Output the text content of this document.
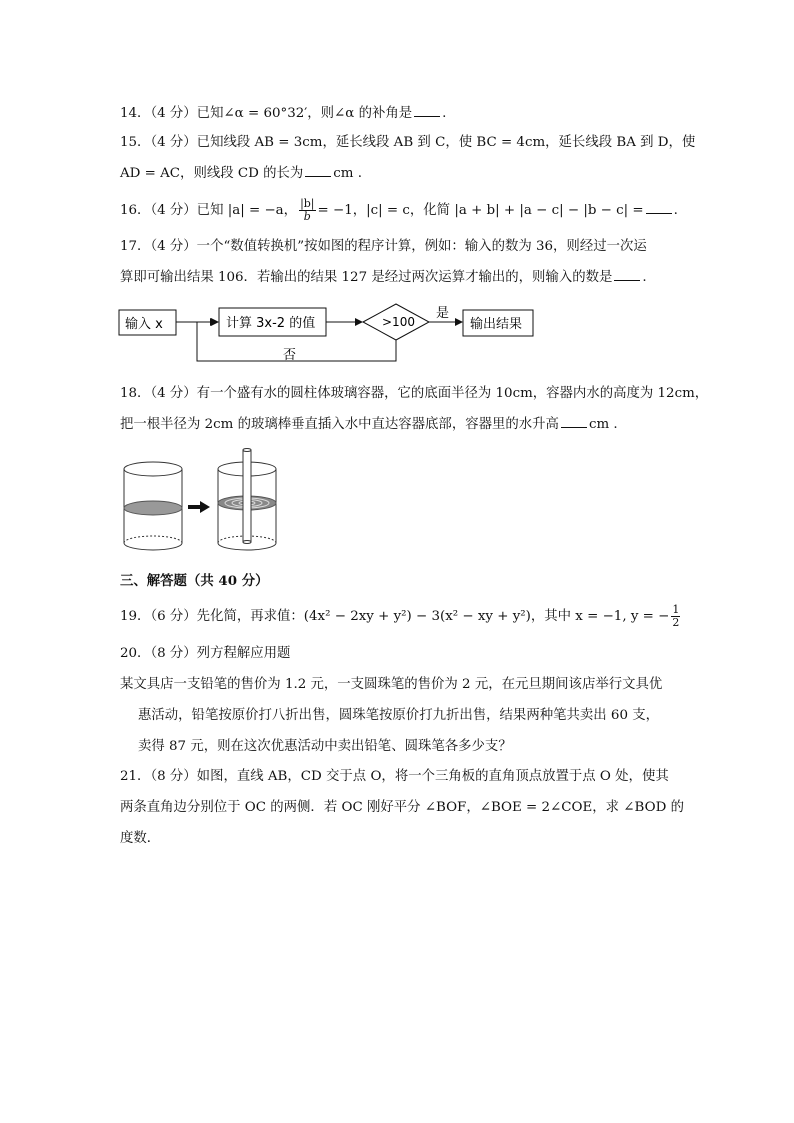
14．（4 分）已知∠α = 60°32′，则∠α 的补角是 .
15．（4 分）已知线段 AB = 3cm，延长线段 AB 到 C，使 BC = 4cm，延长线段 BA 到 D，使
AD = AC，则线段 CD 的长为 cm .
16．（4 分）已知 |a| = −a， $\frac{|b|}{b} = -1$，|c| = c，化简 |a + b| + |a − c| − |b − c| = .
17．（4 分）一个“数值转换机”按如图的程序计算，例如：输入的数为 36，则经过一次运
算即可输出结果 106．若输出的结果 127 是经过两次运算才输出的，则输入的数是 .
输入 x	计算 3x-2 的值	>100
是
输出结果
否
18．（4 分）有一个盛有水的圆柱体玻璃容器，它的底面半径为 10cm，容器内水的高度为 12cm，
把一根半径为 2cm 的玻璃棒垂直插入水中直达容器底部，容器里的水升高 cm .
三、解答题（共 40 分）
19．（6 分）先化简，再求值：(4x² − 2xy + y²) − 3(x² − xy + y²)，其中 x = −1, y = − $\frac{1}{2}$
20．（8 分）列方程解应用题
某文具店一支铅笔的售价为 1.2 元，一支圆珠笔的售价为 2 元，在元旦期间该店举行文具优
惠活动，铅笔按原价打八折出售，圆珠笔按原价打九折出售，结果两种笔共卖出 60 支，
卖得 87 元，则在这次优惠活动中卖出铅笔、圆珠笔各多少支？
21．（8 分）如图，直线 AB，CD 交于点 O，将一个三角板的直角顶点放置于点 O 处，使其
两条直角边分别位于 OC 的两侧．若 OC 刚好平分 ∠BOF，∠BOE = 2∠COE，求 ∠BOD 的
度数．
